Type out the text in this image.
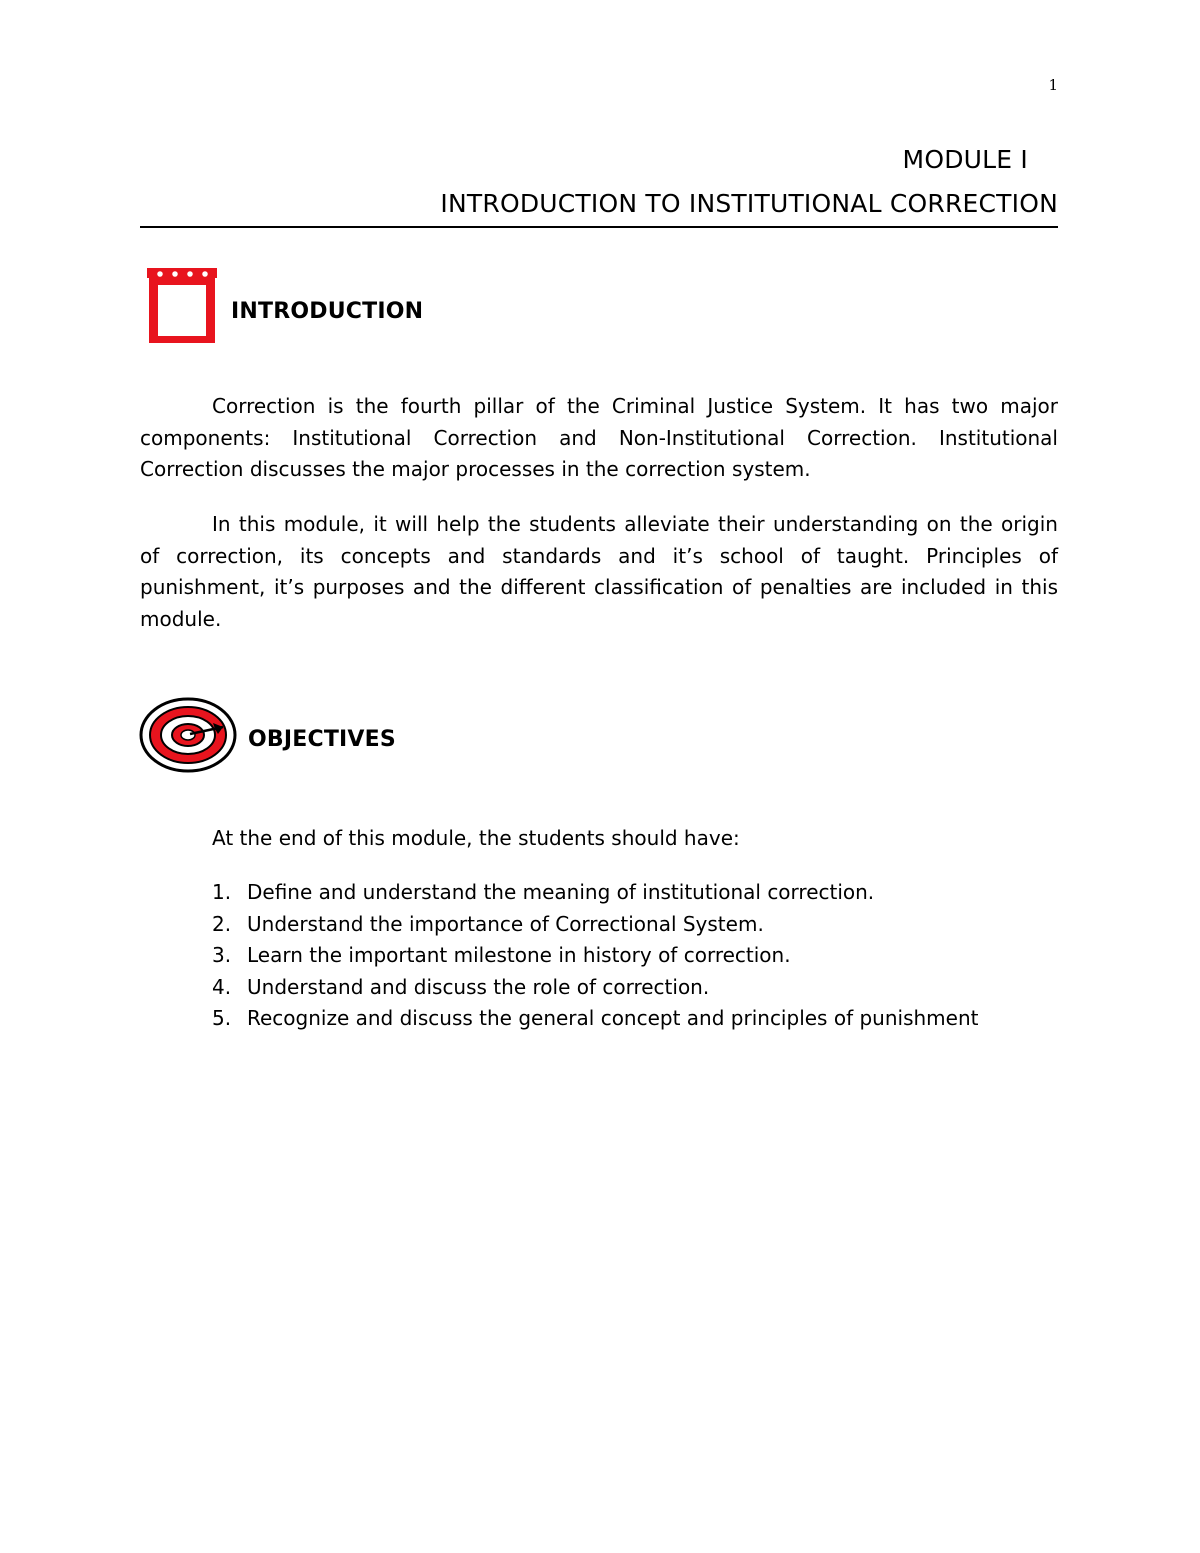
1
MODULE I
INTRODUCTION TO INSTITUTIONAL CORRECTION
INTRODUCTION

Correction is the fourth pillar of the Criminal Justice System. It has two major components: Institutional Correction and Non-Institutional Correction. Institutional Correction discusses the major processes in the correction system.

In this module, it will help the students alleviate their understanding on the origin of correction, its concepts and standards and it’s school of taught. Principles of punishment, it’s purposes and the different classification of penalties are included in this module.

OBJECTIVES

At the end of this module, the students should have:

1. Define and understand the meaning of institutional correction.
2. Understand the importance of Correctional System.
3. Learn the important milestone in history of correction.
4. Understand and discuss the role of correction.
5. Recognize and discuss the general concept and principles of punishment
